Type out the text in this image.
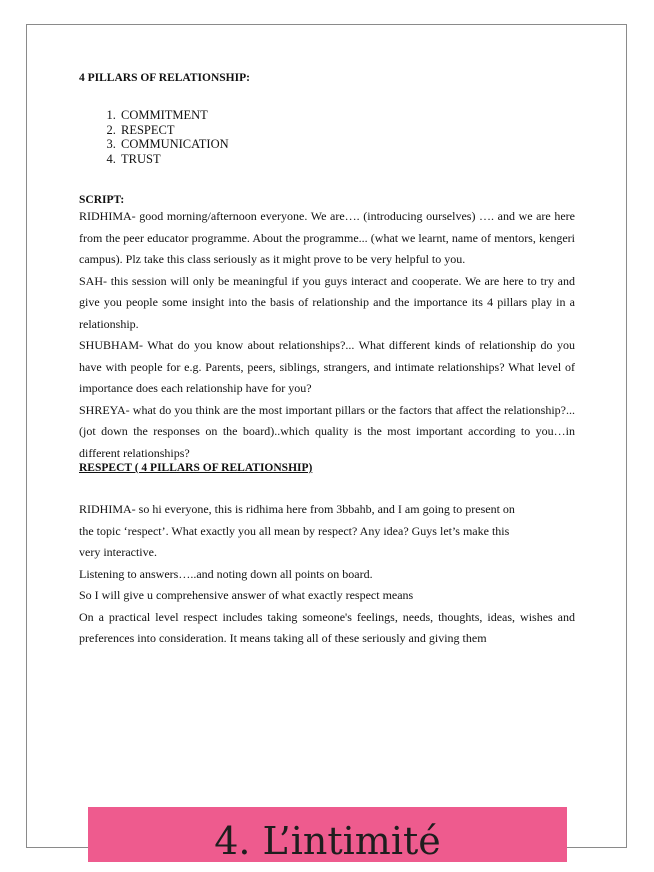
4 PILLARS OF RELATIONSHIP:

1. COMMITMENT
2. RESPECT
3. COMMUNICATION
4. TRUST
SCRIPT:

RIDHIMA- good morning/afternoon everyone. We are…. (introducing ourselves) …. and we are here from the peer educator programme. About the programme... (what we learnt, name of mentors, kengeri campus). Plz take this class seriously as it might prove to be very helpful to you.

SAH- this session will only be meaningful if you guys interact and cooperate. We are here to try and give you people some insight into the basis of relationship and the importance its 4 pillars play in a relationship.

SHUBHAM- What do you know about relationships?... What different kinds of relationship do you have with people for e.g. Parents, peers, siblings, strangers, and intimate relationships? What level of importance does each relationship have for you?

SHREYA- what do you think are the most important pillars or the factors that affect the relationship?... (jot down the responses on the board)..which quality is the most important according to you…in different relationships?

RESPECT ( 4 PILLARS OF RELATIONSHIP)
RIDHIMA- so hi everyone, this is ridhima here from 3bbahb, and I am going to present on
the topic ‘respect’. What exactly you all mean by respect? Any idea? Guys let’s make this
very interactive.
Listening to answers…..and noting down all points on board.
So I will give u comprehensive answer of what exactly respect means

On a practical level respect includes taking someone's feelings, needs, thoughts, ideas, wishes and preferences into consideration. It means taking all of these seriously and giving them

4. L’intimité
